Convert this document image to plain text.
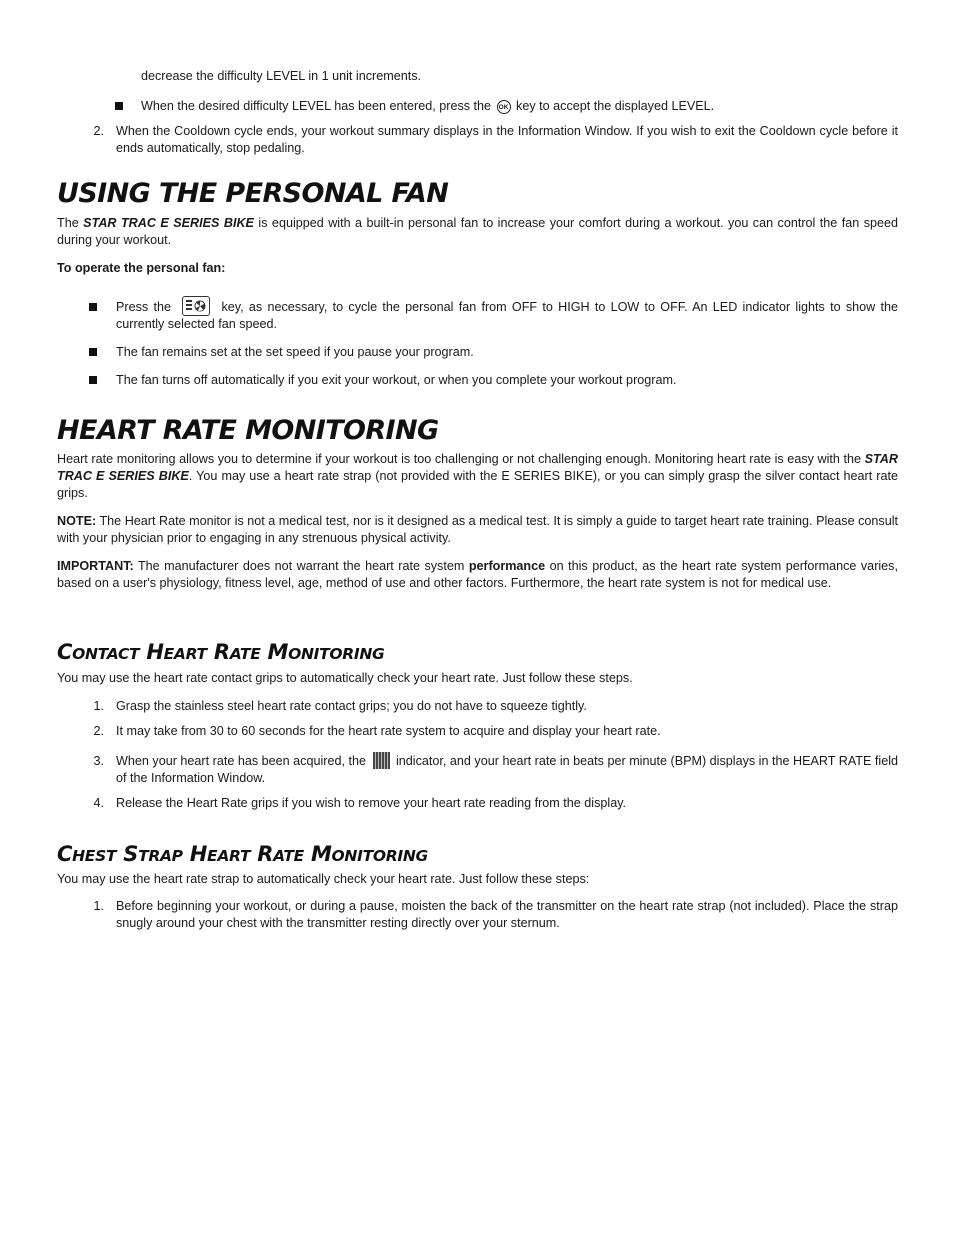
decrease the difficulty LEVEL in 1 unit increments.
When the desired difficulty LEVEL has been entered, press the OK key to accept the displayed LEVEL.
2. When the Cooldown cycle ends, your workout summary displays in the Information Window. If you wish to exit the Cooldown cycle before it ends automatically, stop pedaling.
USING THE PERSONAL FAN
The STAR TRAC E SERIES BIKE is equipped with a built-in personal fan to increase your comfort during a workout. you can control the fan speed during your workout.
To operate the personal fan:
Press the	key, as necessary, to cycle the personal fan from OFF to HIGH to LOW to OFF. An LED indicator lights to show the currently selected fan speed.
The fan remains set at the set speed if you pause your program.
The fan turns off automatically if you exit your workout, or when you complete your workout program.
HEART RATE MONITORING
Heart rate monitoring allows you to determine if your workout is too challenging or not challenging enough. Monitoring heart rate is easy with the STAR TRAC E SERIES BIKE. You may use a heart rate strap (not provided with the E SERIES BIKE), or you can simply grasp the silver contact heart rate grips.
NOTE: The Heart Rate monitor is not a medical test, nor is it designed as a medical test. It is simply a guide to target heart rate training. Please consult with your physician prior to engaging in any strenuous physical activity.
IMPORTANT: The manufacturer does not warrant the heart rate system performance on this product, as the heart rate system performance varies, based on a user's physiology, fitness level, age, method of use and other factors. Furthermore, the heart rate system is not for medical use.
CONTACT HEART RATE MONITORING
You may use the heart rate contact grips to automatically check your heart rate. Just follow these steps.
1. Grasp the stainless steel heart rate contact grips; you do not have to squeeze tightly.
2. It may take from 30 to 60 seconds for the heart rate system to acquire and display your heart rate.
3. When your heart rate has been acquired, the  indicator, and your heart rate in beats per minute (BPM) displays in the HEART RATE field of the Information Window.
4. Release the Heart Rate grips if you wish to remove your heart rate reading from the display.
CHEST STRAP HEART RATE MONITORING
You may use the heart rate strap to automatically check your heart rate. Just follow these steps:
1. Before beginning your workout, or during a pause, moisten the back of the transmitter on the heart rate strap (not included). Place the strap snugly around your chest with the transmitter resting directly over your sternum.
